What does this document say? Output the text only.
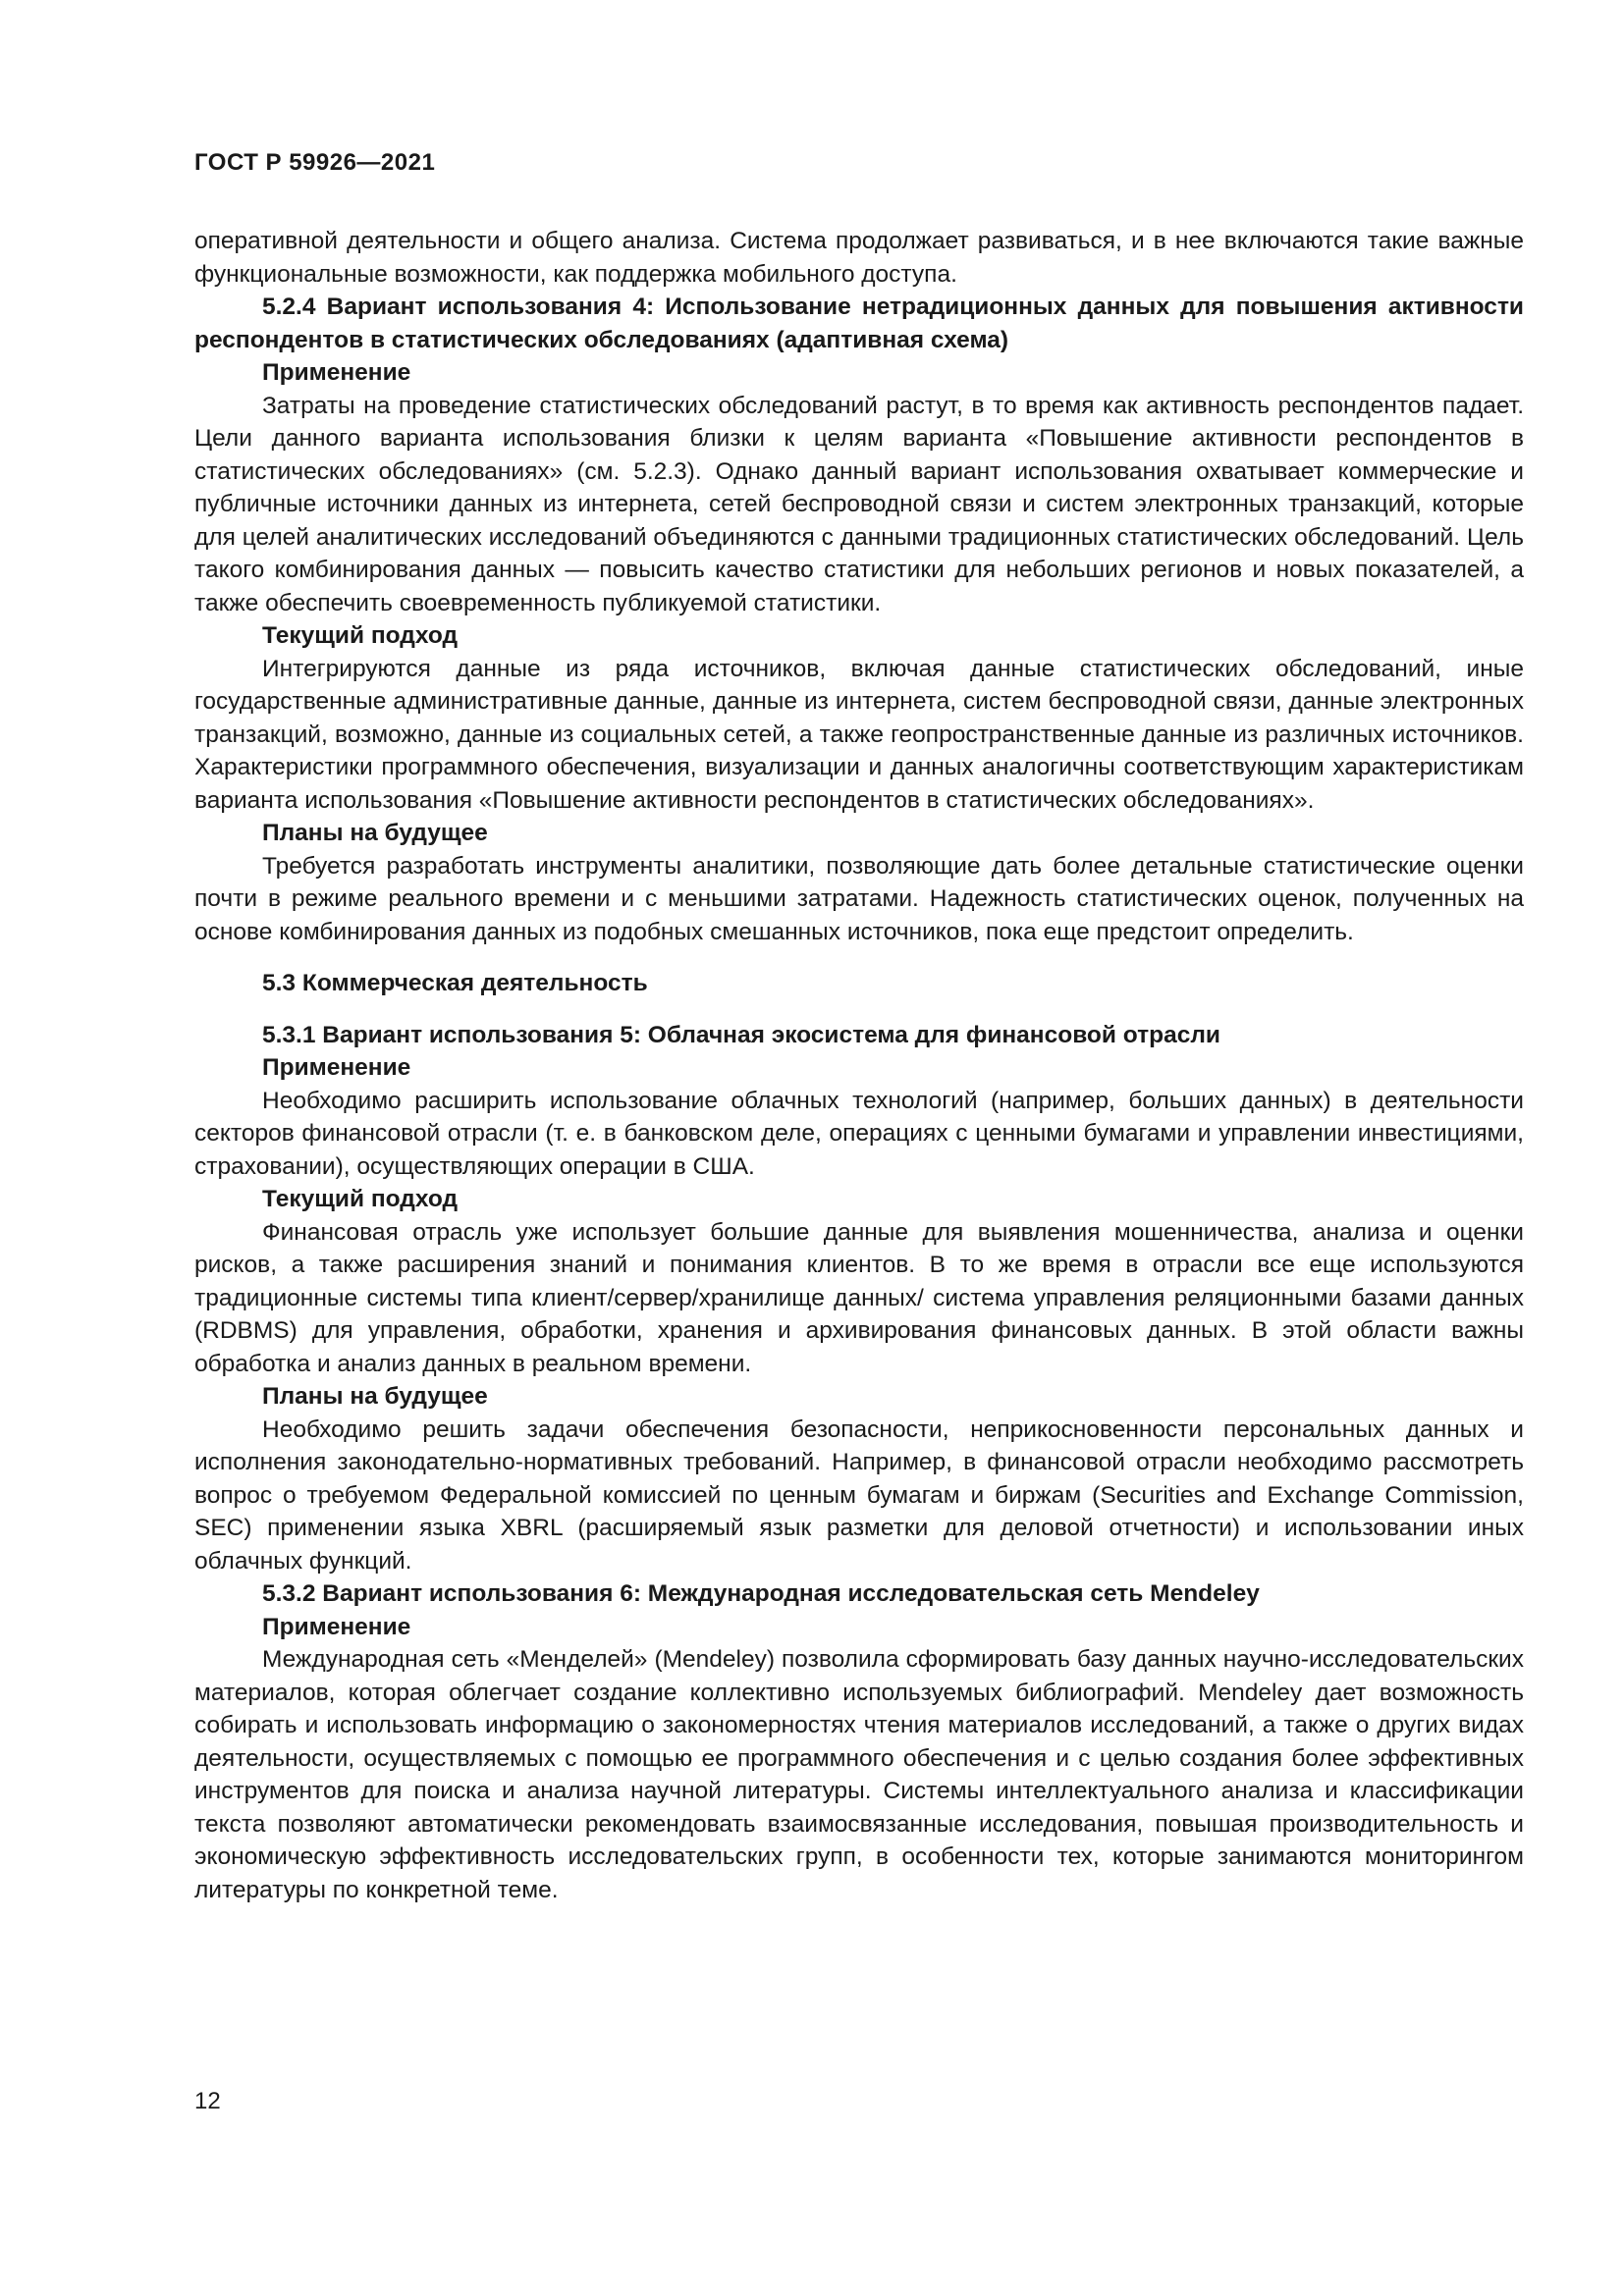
ГОСТ Р 59926—2021

оперативной деятельности и общего анализа. Система продолжает развиваться, и в нее включаются такие важные функциональные возможности, как поддержка мобильного доступа.

5.2.4 Вариант использования 4: Использование нетрадиционных данных для повышения активности респондентов в статистических обследованиях (адаптивная схема)

Применение

Затраты на проведение статистических обследований растут, в то время как активность респондентов падает. Цели данного варианта использования близки к целям варианта «Повышение активности респондентов в статистических обследованиях» (см. 5.2.3). Однако данный вариант использования охватывает коммерческие и публичные источники данных из интернета, сетей беспроводной связи и систем электронных транзакций, которые для целей аналитических исследований объединяются с данными традиционных статистических обследований. Цель такого комбинирования данных — повысить качество статистики для небольших регионов и новых показателей, а также обеспечить своевременность публикуемой статистики.

Текущий подход

Интегрируются данные из ряда источников, включая данные статистических обследований, иные государственные административные данные, данные из интернета, систем беспроводной связи, данные электронных транзакций, возможно, данные из социальных сетей, а также геопространственные данные из различных источников. Характеристики программного обеспечения, визуализации и данных аналогичны соответствующим характеристикам варианта использования «Повышение активности респондентов в статистических обследованиях».

Планы на будущее

Требуется разработать инструменты аналитики, позволяющие дать более детальные статистические оценки почти в режиме реального времени и с меньшими затратами. Надежность статистических оценок, полученных на основе комбинирования данных из подобных смешанных источников, пока еще предстоит определить.

5.3 Коммерческая деятельность

5.3.1 Вариант использования 5: Облачная экосистема для финансовой отрасли

Применение

Необходимо расширить использование облачных технологий (например, больших данных) в деятельности секторов финансовой отрасли (т. е. в банковском деле, операциях с ценными бумагами и управлении инвестициями, страховании), осуществляющих операции в США.

Текущий подход

Финансовая отрасль уже использует большие данные для выявления мошенничества, анализа и оценки рисков, а также расширения знаний и понимания клиентов. В то же время в отрасли все еще используются традиционные системы типа клиент/сервер/хранилище данных/ система управления реляционными базами данных (RDBMS) для управления, обработки, хранения и архивирования финансовых данных. В этой области важны обработка и анализ данных в реальном времени.

Планы на будущее

Необходимо решить задачи обеспечения безопасности, неприкосновенности персональных данных и исполнения законодательно-нормативных требований. Например, в финансовой отрасли необходимо рассмотреть вопрос о требуемом Федеральной комиссией по ценным бумагам и биржам (Securities and Exchange Commission, SEC) применении языка XBRL (расширяемый язык разметки для деловой отчетности) и использовании иных облачных функций.

5.3.2 Вариант использования 6: Международная исследовательская сеть Mendeley

Применение

Международная сеть «Менделей» (Mendeley) позволила сформировать базу данных научно-исследовательских материалов, которая облегчает создание коллективно используемых библиографий. Mendeley дает возможность собирать и использовать информацию о закономерностях чтения материалов исследований, а также о других видах деятельности, осуществляемых с помощью ее программного обеспечения и с целью создания более эффективных инструментов для поиска и анализа научной литературы. Системы интеллектуального анализа и классификации текста позволяют автоматически рекомендовать взаимосвязанные исследования, повышая производительность и экономическую эффективность исследовательских групп, в особенности тех, которые занимаются мониторингом литературы по конкретной теме.

12
